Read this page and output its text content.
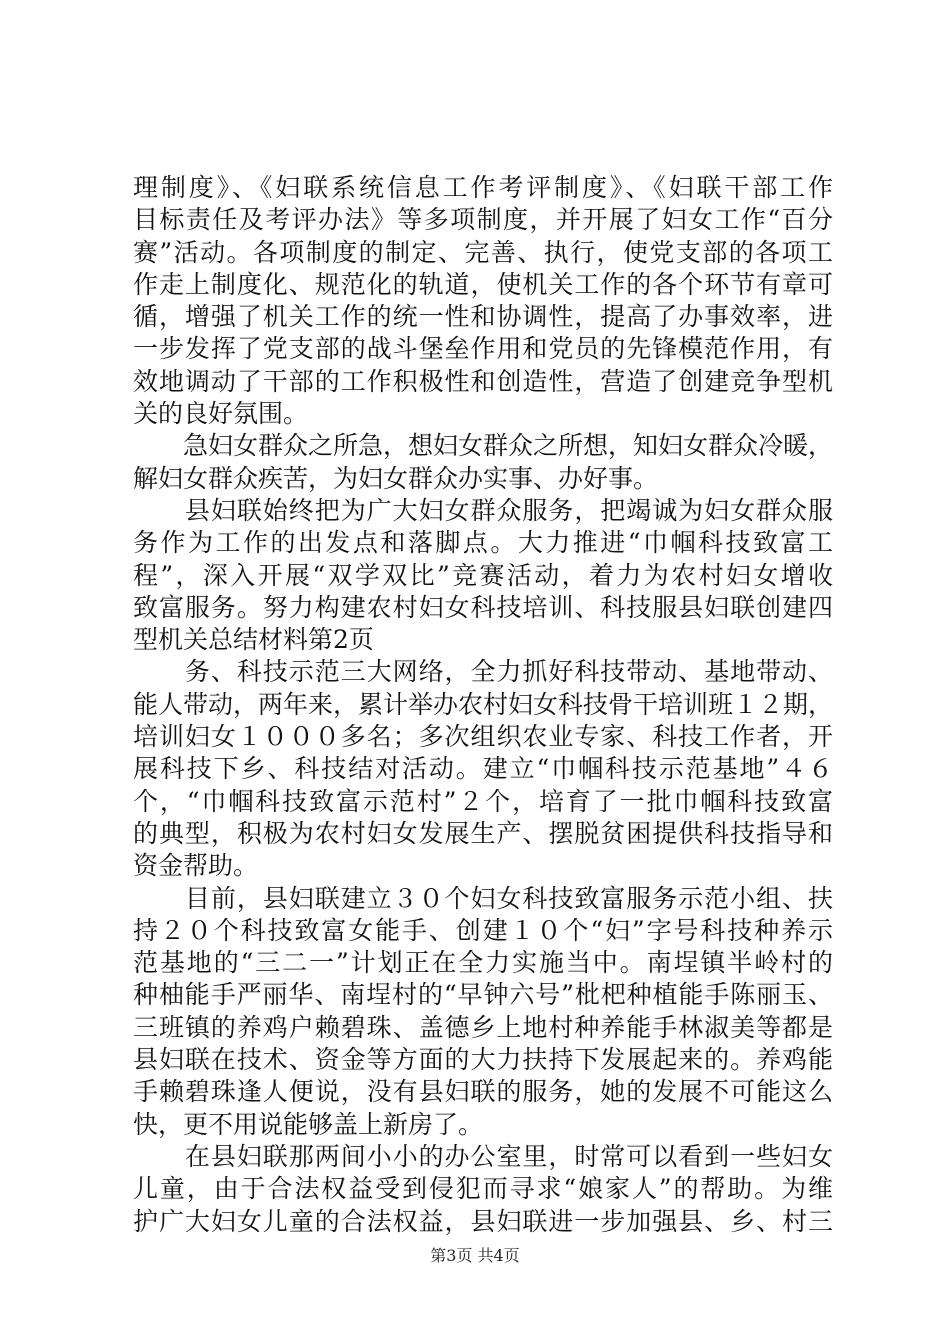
理制度》、《妇联系统信息工作考评制度》、《妇联干部工作
目标责任及考评办法》等多项制度，并开展了妇女工作“百分
赛”活动。各项制度的制定、完善、执行，使党支部的各项工
作走上制度化、规范化的轨道，使机关工作的各个环节有章可
循，增强了机关工作的统一性和协调性，提高了办事效率，进
一步发挥了党支部的战斗堡垒作用和党员的先锋模范作用，有
效地调动了干部的工作积极性和创造性，营造了创建竞争型机
关的良好氛围。
　　急妇女群众之所急，想妇女群众之所想，知妇女群众冷暖，
解妇女群众疾苦，为妇女群众办实事、办好事。
　　县妇联始终把为广大妇女群众服务，把竭诚为妇女群众服
务作为工作的出发点和落脚点。大力推进“巾帼科技致富工
程”，深入开展“双学双比”竞赛活动，着力为农村妇女增收
致富服务。努力构建农村妇女科技培训、科技服县妇联创建四
型机关总结材料第2页
　　务、科技示范三大网络，全力抓好科技带动、基地带动、
能人带动，两年来，累计举办农村妇女科技骨干培训班１２期，
培训妇女１０００多名；多次组织农业专家、科技工作者，开
展科技下乡、科技结对活动。建立“巾帼科技示范基地”４６
个，“巾帼科技致富示范村”２个，培育了一批巾帼科技致富
的典型，积极为农村妇女发展生产、摆脱贫困提供科技指导和
资金帮助。
　　目前，县妇联建立３０个妇女科技致富服务示范小组、扶
持２０个科技致富女能手、创建１０个“妇”字号科技种养示
范基地的“三二一”计划正在全力实施当中。南埕镇半岭村的
种柚能手严丽华、南埕村的“早钟六号”枇杷种植能手陈丽玉、
三班镇的养鸡户赖碧珠、盖德乡上地村种养能手林淑美等都是
县妇联在技术、资金等方面的大力扶持下发展起来的。养鸡能
手赖碧珠逢人便说，没有县妇联的服务，她的发展不可能这么
快，更不用说能够盖上新房了。
　　在县妇联那两间小小的办公室里，时常可以看到一些妇女
儿童，由于合法权益受到侵犯而寻求“娘家人”的帮助。为维
护广大妇女儿童的合法权益，县妇联进一步加强县、乡、村三
第3页 共4页
